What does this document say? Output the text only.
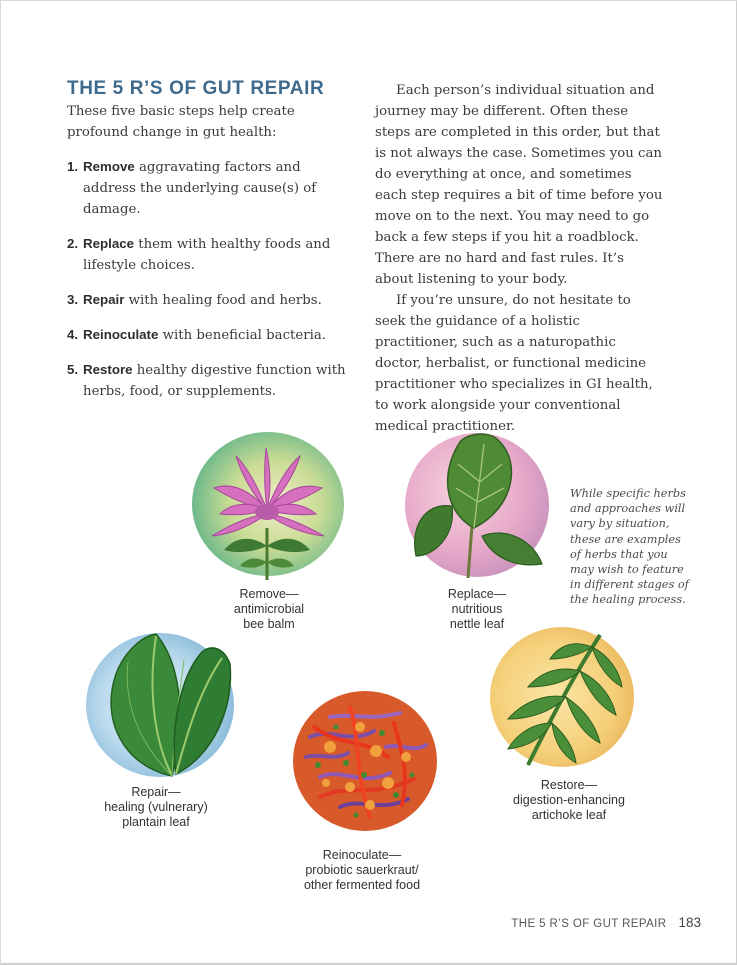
THE 5 R’S OF GUT REPAIR
These five basic steps help create profound change in gut health:
1. Remove aggravating factors and address the underlying cause(s) of damage.
2. Replace them with healthy foods and lifestyle choices.
3. Repair with healing food and herbs.
4. Reinoculate with beneficial bacteria.
5. Restore healthy digestive function with herbs, food, or supplements.

Each person’s individual situation and journey may be different. Often these steps are completed in this order, but that is not always the case. Sometimes you can do everything at once, and sometimes each step requires a bit of time before you move on to the next. You may need to go back a few steps if you hit a roadblock. There are no hard and fast rules. It’s about listening to your body.

If you’re unsure, do not hesitate to seek the guidance of a holistic practitioner, such as a naturopathic doctor, herbalist, or functional medicine practitioner who specializes in GI health, to work alongside your conventional medical practitioner.

While specific herbs and approaches will vary by situation, these are examples of herbs that you may wish to feature in different stages of the healing process.
Remove—
antimicrobial
bee balm
Replace—
nutritious
nettle leaf
Repair—
healing (vulnerary)
plantain leaf
Reinoculate—
probiotic sauerkraut/
other fermented food
Restore—
digestion-enhancing
artichoke leaf
THE 5 R’S OF GUT REPAIR 183
